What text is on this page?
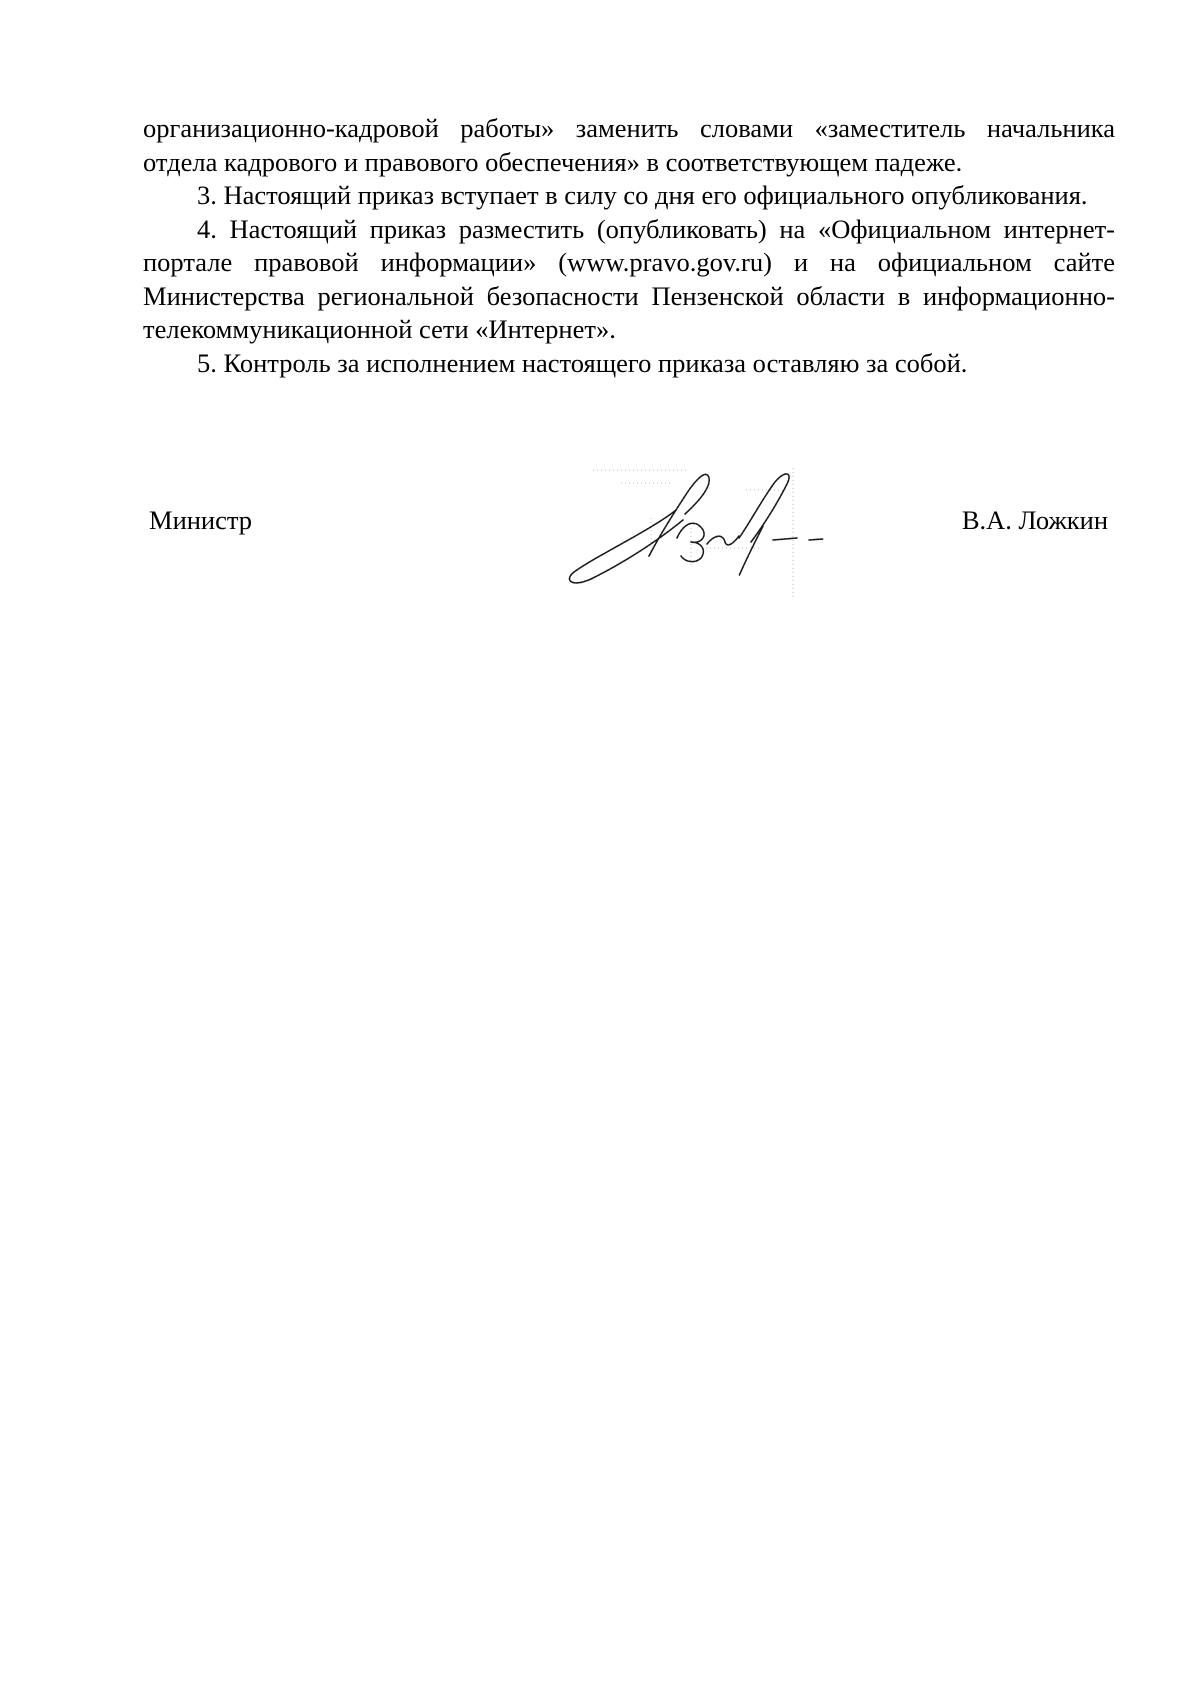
организационно-кадровой работы» заменить словами «заместитель начальника отдела кадрового и правового обеспечения» в соответствующем падеже.

3. Настоящий приказ вступает в силу со дня его официального опубликования.

4. Настоящий приказ разместить (опубликовать) на «Официальном интернет-портале правовой информации» (www.pravo.gov.ru) и на официальном сайте Министерства региональной безопасности Пензенской области в информационно-телекоммуникационной сети «Интернет».

5. Контроль за исполнением настоящего приказа оставляю за собой.

Министр	В.А. Ложкин
